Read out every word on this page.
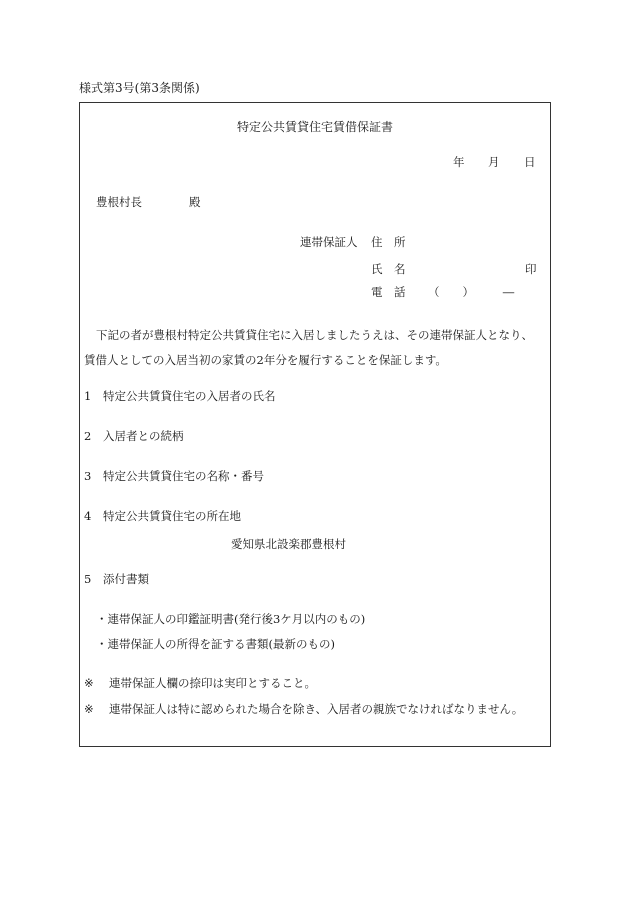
様式第3号(第3条関係)
特定公共賃貸住宅賃借保証書
年 月 日
豊根村長	殿
連帯保証人 住　所
氏　名	印
電　話 （　　）　　　―
下記の者が豊根村特定公共賃貸住宅に入居しましたうえは、その連帯保証人となり、
賃借人としての入居当初の家賃の2年分を履行することを保証します。
1 特定公共賃貸住宅の入居者の氏名
2 入居者との続柄
3 特定公共賃貸住宅の名称・番号
4 特定公共賃貸住宅の所在地
愛知県北設楽郡豊根村
5 添付書類
・連帯保証人の印鑑証明書(発行後3ケ月以内のもの)
・連帯保証人の所得を証する書類(最新のもの)
※ 連帯保証人欄の捺印は実印とすること。
※ 連帯保証人は特に認められた場合を除き、入居者の親族でなければなりません。
